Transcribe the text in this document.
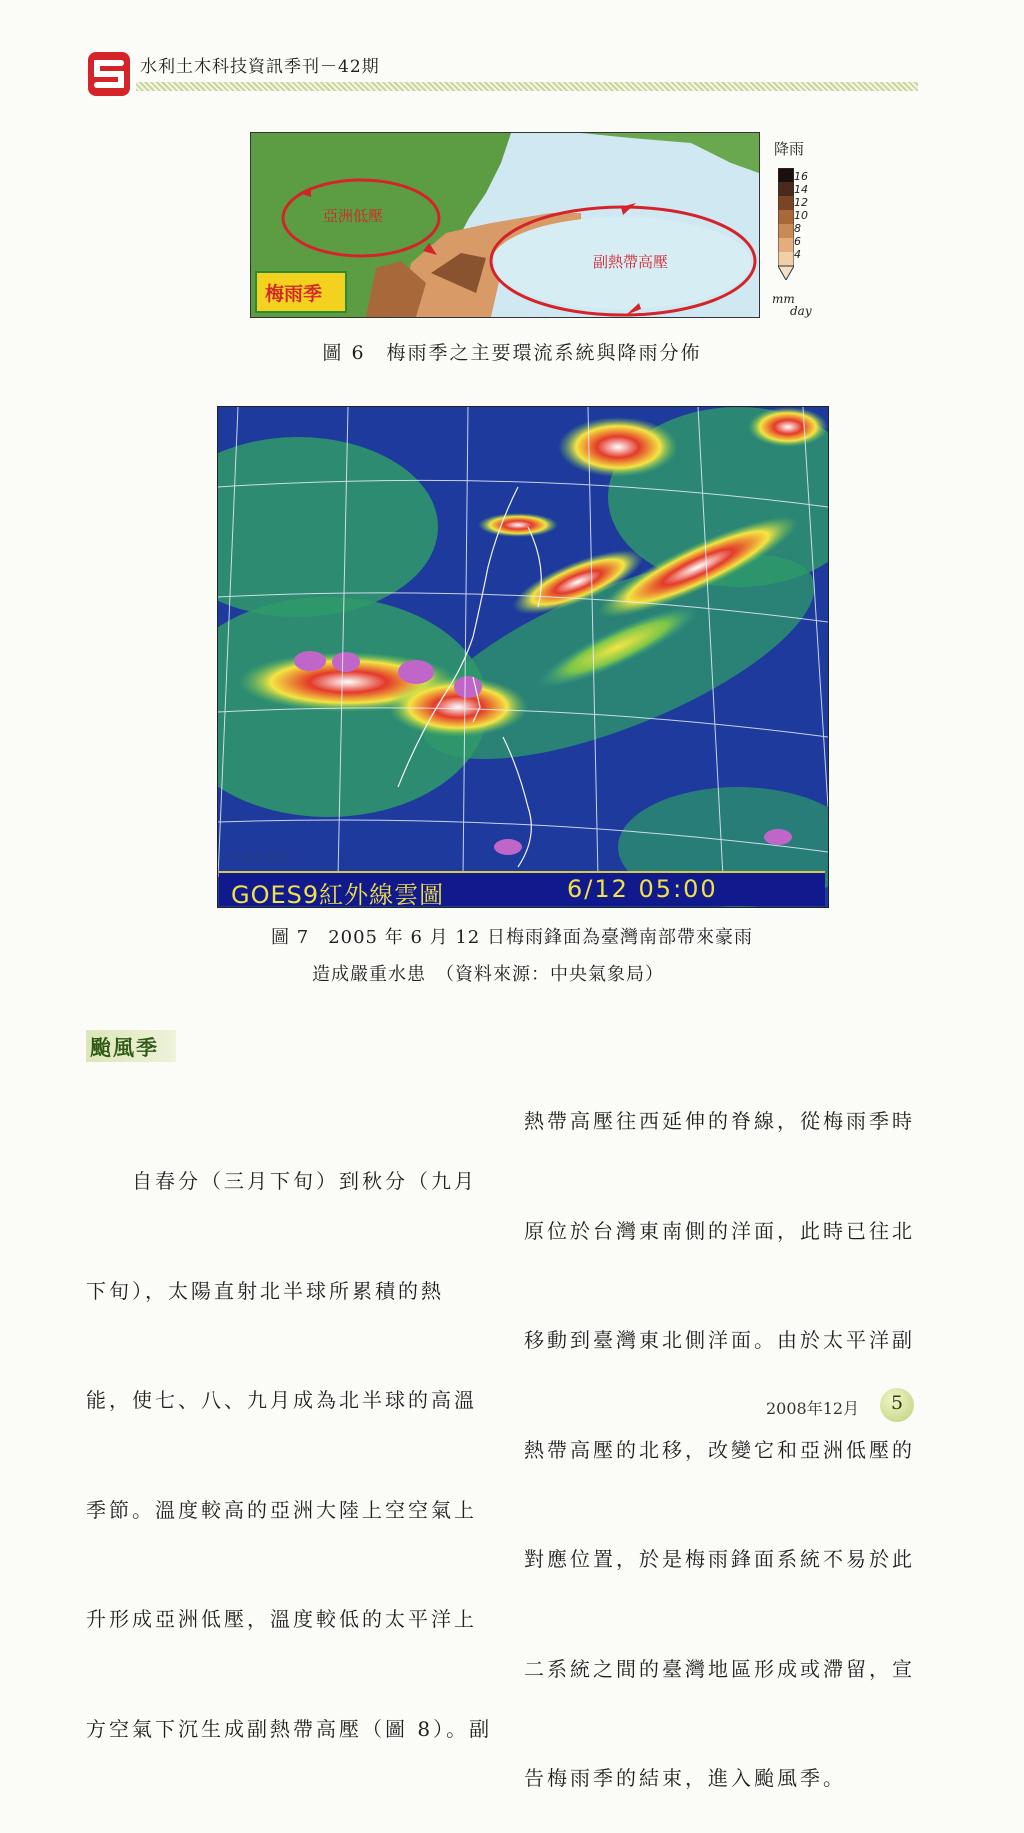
水利土木科技資訊季刊－42期
亞洲低壓
副熱帶高壓
梅雨季
降雨
16
14
12
10
8
6
4
mm
day
圖 6　梅雨季之主要環流系統與降雨分佈
中央氣象局
GOES9紅外線雲圖	6/12 05:00
圖 7　2005 年 6 月 12 日梅雨鋒面為臺灣南部帶來豪雨
造成嚴重水患　（資料來源：中央氣象局）
颱風季

　　自春分（三月下旬）到秋分（九月

下旬），太陽直射北半球所累積的熱

能，使七、八、九月成為北半球的高溫

季節。溫度較高的亞洲大陸上空空氣上

升形成亞洲低壓，溫度較低的太平洋上

方空氣下沉生成副熱帶高壓（圖 8）。副

熱帶高壓往西延伸的脊線，從梅雨季時

原位於台灣東南側的洋面，此時已往北

移動到臺灣東北側洋面。由於太平洋副

熱帶高壓的北移，改變它和亞洲低壓的

對應位置，於是梅雨鋒面系統不易於此

二系統之間的臺灣地區形成或滯留，宣

告梅雨季的結束，進入颱風季。

2008年12月	5
